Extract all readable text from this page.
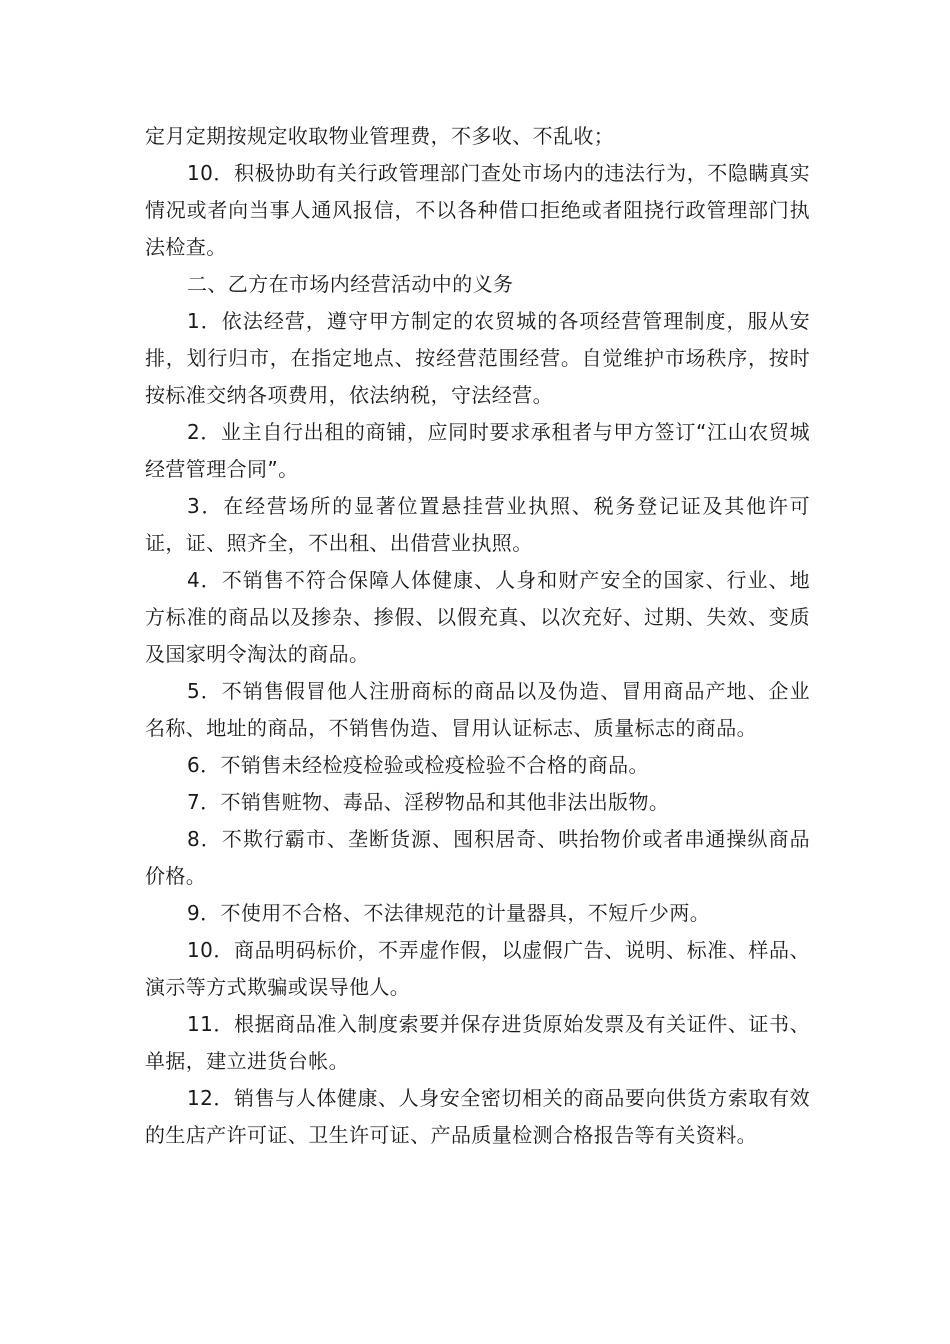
定月定期按规定收取物业管理费，不多收、不乱收；

10．积极协助有关行政管理部门查处市场内的违法行为，不隐瞒真实情况或者向当事人通风报信，不以各种借口拒绝或者阻挠行政管理部门执法检查。

二、乙方在市场内经营活动中的义务

1．依法经营，遵守甲方制定的农贸城的各项经营管理制度，服从安排，划行归市，在指定地点、按经营范围经营。自觉维护市场秩序，按时按标准交纳各项费用，依法纳税，守法经营。

2．业主自行出租的商铺，应同时要求承租者与甲方签订“江山农贸城经营管理合同”。

3．在经营场所的显著位置悬挂营业执照、税务登记证及其他许可证，证、照齐全，不出租、出借营业执照。

4．不销售不符合保障人体健康、人身和财产安全的国家、行业、地方标准的商品以及掺杂、掺假、以假充真、以次充好、过期、失效、变质及国家明令淘汰的商品。

5．不销售假冒他人注册商标的商品以及伪造、冒用商品产地、企业名称、地址的商品，不销售伪造、冒用认证标志、质量标志的商品。

6．不销售未经检疫检验或检疫检验不合格的商品。

7．不销售赃物、毒品、淫秽物品和其他非法出版物。

8．不欺行霸市、垄断货源、囤积居奇、哄抬物价或者串通操纵商品价格。

9．不使用不合格、不法律规范的计量器具，不短斤少两。

10．商品明码标价，不弄虚作假，以虚假广告、说明、标准、样品、演示等方式欺骗或误导他人。

11．根据商品准入制度索要并保存进货原始发票及有关证件、证书、单据，建立进货台帐。

12．销售与人体健康、人身安全密切相关的商品要向供货方索取有效的生店产许可证、卫生许可证、产品质量检测合格报告等有关资料。
